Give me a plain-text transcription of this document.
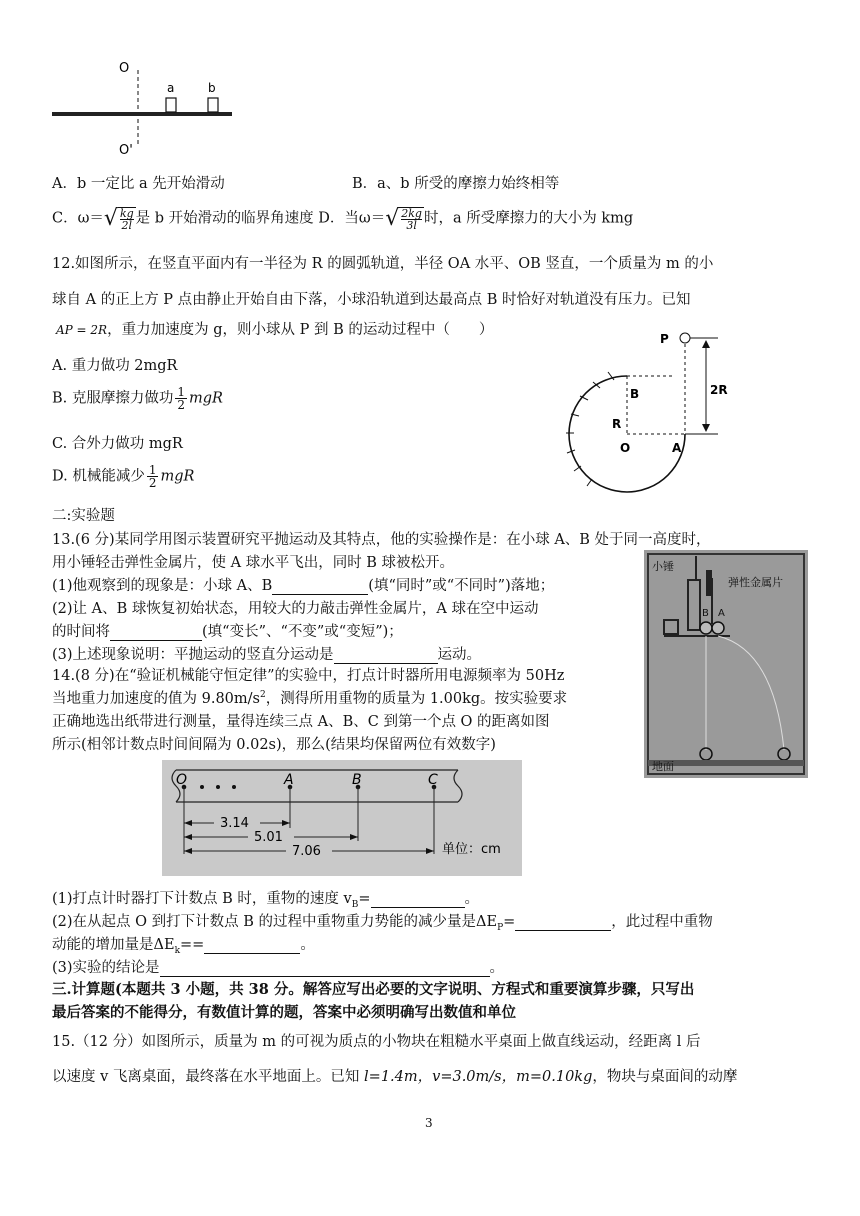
O
O'
a	b
A．b 一定比 a 先开始滑动	B．a、b 所受的摩擦力始终相等
C．$\omega=√ \frac{kg}{2l}$ 是 b 开始滑动的临界角速度 D．当$\omega=√ \frac{2kg}{3l}$ 时，a 所受摩擦力的大小为 kmg
12.如图所示，在竖直平面内有一半径为 R 的圆弧轨道，半径 OA 水平、OB 竖直，一个质量为 m 的小
球自 A 的正上方 P 点由静止开始自由下落，小球沿轨道到达最高点 B 时恰好对轨道没有压力。已知
AP = 2R，重力加速度为 g，则小球从 P 到 B 的运动过程中（　　）
A. 重力做功 2mgR
B. 克服摩擦力做功 $\frac{1}{2}$ mgR
C. 合外力做功 mgR
D. 机械能减少 $\frac{1}{2}$ mgR
P
B
R
O	A
2R
二:实验题
13.(6 分)某同学用图示装置研究平抛运动及其特点，他的实验操作是：在小球 A、B 处于同一高度时，
用小锤轻击弹性金属片，使 A 球水平飞出，同时 B 球被松开。
(1)他观察到的现象是：小球 A、B	(填“同时”或“不同时”)落地；
(2)让 A、B 球恢复初始状态，用较大的力敲击弹性金属片，A 球在空中运动
的时间将	(填“变长”、“不变”或“变短”)；
(3)上述现象说明：平抛运动的竖直分运动是	运动。
小锤
弹性金属片
B A
地面
14.(8 分)在“验证机械能守恒定律”的实验中，打点计时器所用电源频率为 50Hz
当地重力加速度的值为 $9.80m/s^2$，测得所用重物的质量为 1.00kg。按实验要求
正确地选出纸带进行测量，量得连续三点 A、B、C 到第一个点 O 的距离如图
所示(相邻计数点时间间隔为 0.02s)，那么(结果均保留两位有效数字)
O	A	B	C
3.14
5.01
7.06	单位：cm
(1)打点计时器打下计数点 B 时，重物的速度 $v_B=$	。
(2)在从起点 O 到打下计数点 B 的过程中重物重力势能的减少量是$\Delta E_P=$	，此过程中重物
动能的增加量是$\Delta E_k==$	。
(3)实验的结论是	。
三.计算题(本题共 3 小题，共 38 分。解答应写出必要的文字说明、方程式和重要演算步骤，只写出
最后答案的不能得分，有数值计算的题，答案中必须明确写出数值和单位
15.（12 分）如图所示，质量为 m 的可视为质点的小物块在粗糙水平桌面上做直线运动，经距离 l 后
以速度 v 飞离桌面，最终落在水平地面上。已知 l=1.4m，v=3.0m/s，m=0.10kg，物块与桌面间的动摩
3
